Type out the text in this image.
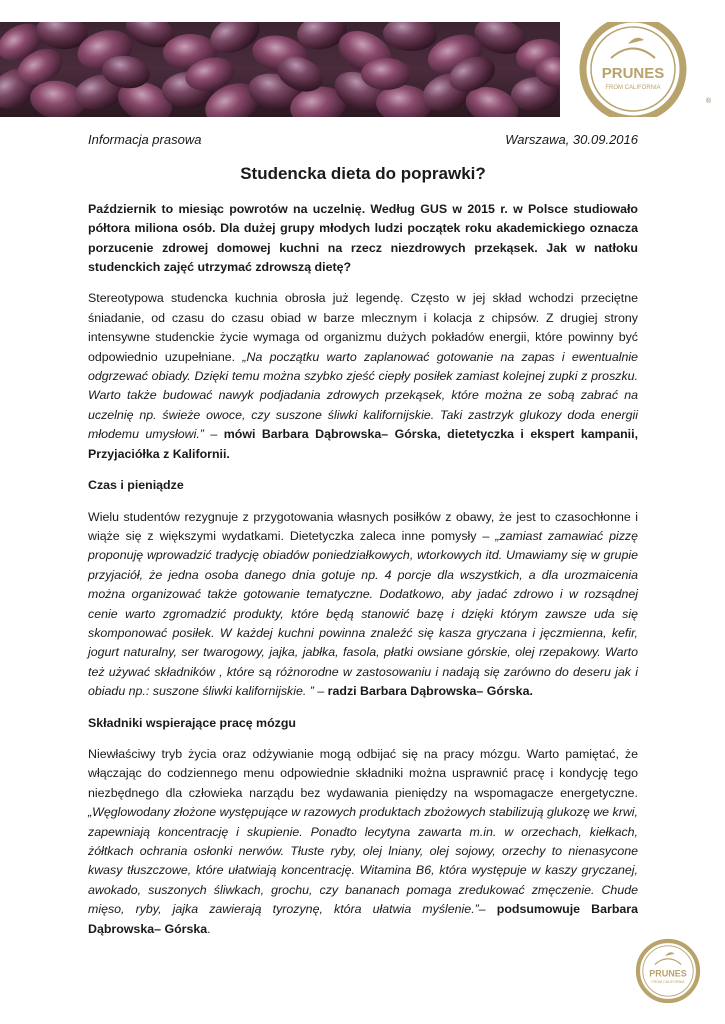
PRUNES
FROM CALIFORNIA
®
Informacja prasowa	Warszawa, 30.09.2016
Studencka dieta do poprawki?

Październik to miesiąc powrotów na uczelnię. Według GUS w 2015 r. w Polsce studiowało półtora miliona osób. Dla dużej grupy młodych ludzi początek roku akademickiego oznacza porzucenie zdrowej domowej kuchni na rzecz niezdrowych przekąsek. Jak w natłoku studenckich zajęć utrzymać zdrowszą dietę?

Stereotypowa studencka kuchnia obrosła już legendę. Często w jej skład wchodzi przeciętne śniadanie, od czasu do czasu obiad w barze mlecznym i kolacja z chipsów. Z drugiej strony intensywne studenckie życie wymaga od organizmu dużych pokładów energii, które powinny być odpowiednio uzupełniane. „Na początku warto zaplanować gotowanie na zapas i ewentualnie odgrzewać obiady. Dzięki temu można szybko zjeść ciepły posiłek zamiast kolejnej zupki z proszku. Warto także budować nawyk podjadania zdrowych przekąsek, które można ze sobą zabrać na uczelnię np. świeże owoce, czy suszone śliwki kalifornijskie. Taki zastrzyk glukozy doda energii młodemu umysłowi.” – mówi Barbara Dąbrowska– Górska, dietetyczka i ekspert kampanii, Przyjaciółka z Kalifornii.

Czas i pieniądze

Wielu studentów rezygnuje z przygotowania własnych posiłków z obawy, że jest to czasochłonne i wiąże się z większymi wydatkami. Dietetyczka zaleca inne pomysły – „zamiast zamawiać pizzę proponuję wprowadzić tradycję obiadów poniedziałkowych, wtorkowych itd. Umawiamy się w grupie przyjaciół, że jedna osoba danego dnia gotuje np. 4 porcje dla wszystkich, a dla urozmaicenia można organizować także gotowanie tematyczne. Dodatkowo, aby jadać zdrowo i w rozsądnej cenie warto zgromadzić produkty, które będą stanowić bazę i dzięki którym zawsze uda się skomponować posiłek. W każdej kuchni powinna znaleźć się kasza gryczana i jęczmienna, kefir, jogurt naturalny, ser twarogowy, jajka, jabłka, fasola, płatki owsiane górskie, olej rzepakowy. Warto też używać składników , które są różnorodne w zastosowaniu i nadają się zarówno do deseru jak i obiadu np.: suszone śliwki kalifornijskie. ” – radzi Barbara Dąbrowska– Górska.

Składniki wspierające pracę mózgu

Niewłaściwy tryb życia oraz odżywianie mogą odbijać się na pracy mózgu. Warto pamiętać, że włączając do codziennego menu odpowiednie składniki można usprawnić pracę i kondycję tego niezbędnego dla człowieka narządu bez wydawania pieniędzy na wspomagacze energetyczne. „Węglowodany złożone występujące w razowych produktach zbożowych stabilizują glukozę we krwi, zapewniają koncentrację i skupienie. Ponadto lecytyna zawarta m.in. w orzechach, kiełkach, żółtkach ochrania osłonki nerwów. Tłuste ryby, olej lniany, olej sojowy, orzechy to nienasycone kwasy tłuszczowe, które ułatwiają koncentrację. Witamina B6, która występuje w kaszy gryczanej, awokado, suszonych śliwkach, grochu, czy bananach pomaga zredukować zmęczenie. Chude mięso, ryby, jajka zawierają tyrozynę, która ułatwia myślenie.”– podsumowuje Barbara Dąbrowska– Górska.

PRUNES
FROM CALIFORNIA
